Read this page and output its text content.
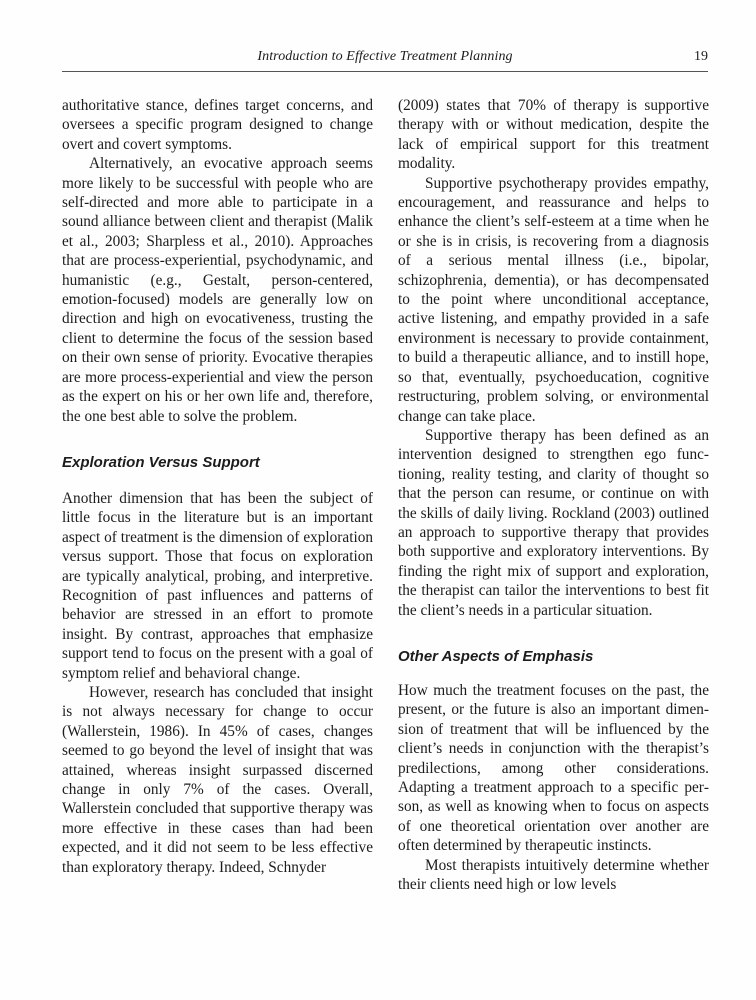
Introduction to Effective Treatment Planning	19

authoritative stance, defines target concerns, and oversees a specific program designed to change overt and covert symptoms.

Alternatively, an evocative approach seems more likely to be successful with people who are self-directed and more able to participate in a sound alliance between client and therapist (Malik et al., 2003; Sharpless et al., 2010). Approaches that are process-experiential, psychodynamic, and humanistic (e.g., Gestalt, person-centered, emotion-focused) models are generally low on direction and high on evocativeness, trusting the client to determine the focus of the session based on their own sense of priority. Evocative therapies are more process-experiential and view the person as the expert on his or her own life and, therefore, the one best able to solve the problem.

Exploration Versus Support

Another dimension that has been the subject of little focus in the literature but is an important aspect of treatment is the dimension of exploration versus support. Those that focus on exploration are typically analytical, probing, and interpretive. Recognition of past influences and patterns of behavior are stressed in an effort to promote insight. By contrast, approaches that emphasize support tend to focus on the present with a goal of symptom relief and behavioral change.

However, research has concluded that insight is not always necessary for change to occur (Wallerstein, 1986). In 45% of cases, changes seemed to go beyond the level of insight that was attained, whereas insight surpassed discerned change in only 7% of the cases. Overall, Wallerstein concluded that supportive therapy was more effective in these cases than had been expected, and it did not seem to be less effective than exploratory therapy. Indeed, Schnyder

(2009) states that 70% of therapy is supportive therapy with or without medication, despite the lack of empirical support for this treatment modality.

Supportive psychotherapy provides empathy, encouragement, and reassurance and helps to enhance the client’s self-esteem at a time when he or she is in crisis, is recovering from a diagnosis of a serious mental illness (i.e., bipolar, schizophrenia, dementia), or has decompensated to the point where unconditional acceptance, active listening, and empathy provided in a safe environment is necessary to provide containment, to build a therapeutic alliance, and to instill hope, so that, eventually, psychoeducation, cognitive restructuring, problem solving, or environmental change can take place.

Supportive therapy has been defined as an intervention designed to strengthen ego functioning, reality testing, and clarity of thought so that the person can resume, or continue on with the skills of daily living. Rockland (2003) outlined an approach to supportive therapy that provides both supportive and exploratory interventions. By finding the right mix of support and exploration, the therapist can tailor the interventions to best fit the client’s needs in a particular situation.

Other Aspects of Emphasis

How much the treatment focuses on the past, the present, or the future is also an important dimension of treatment that will be influenced by the client’s needs in conjunction with the therapist’s predilections, among other considerations. Adapting a treatment approach to a specific person, as well as knowing when to focus on aspects of one theoretical orientation over another are often determined by therapeutic instincts.

Most therapists intuitively determine whether their clients need high or low levels
